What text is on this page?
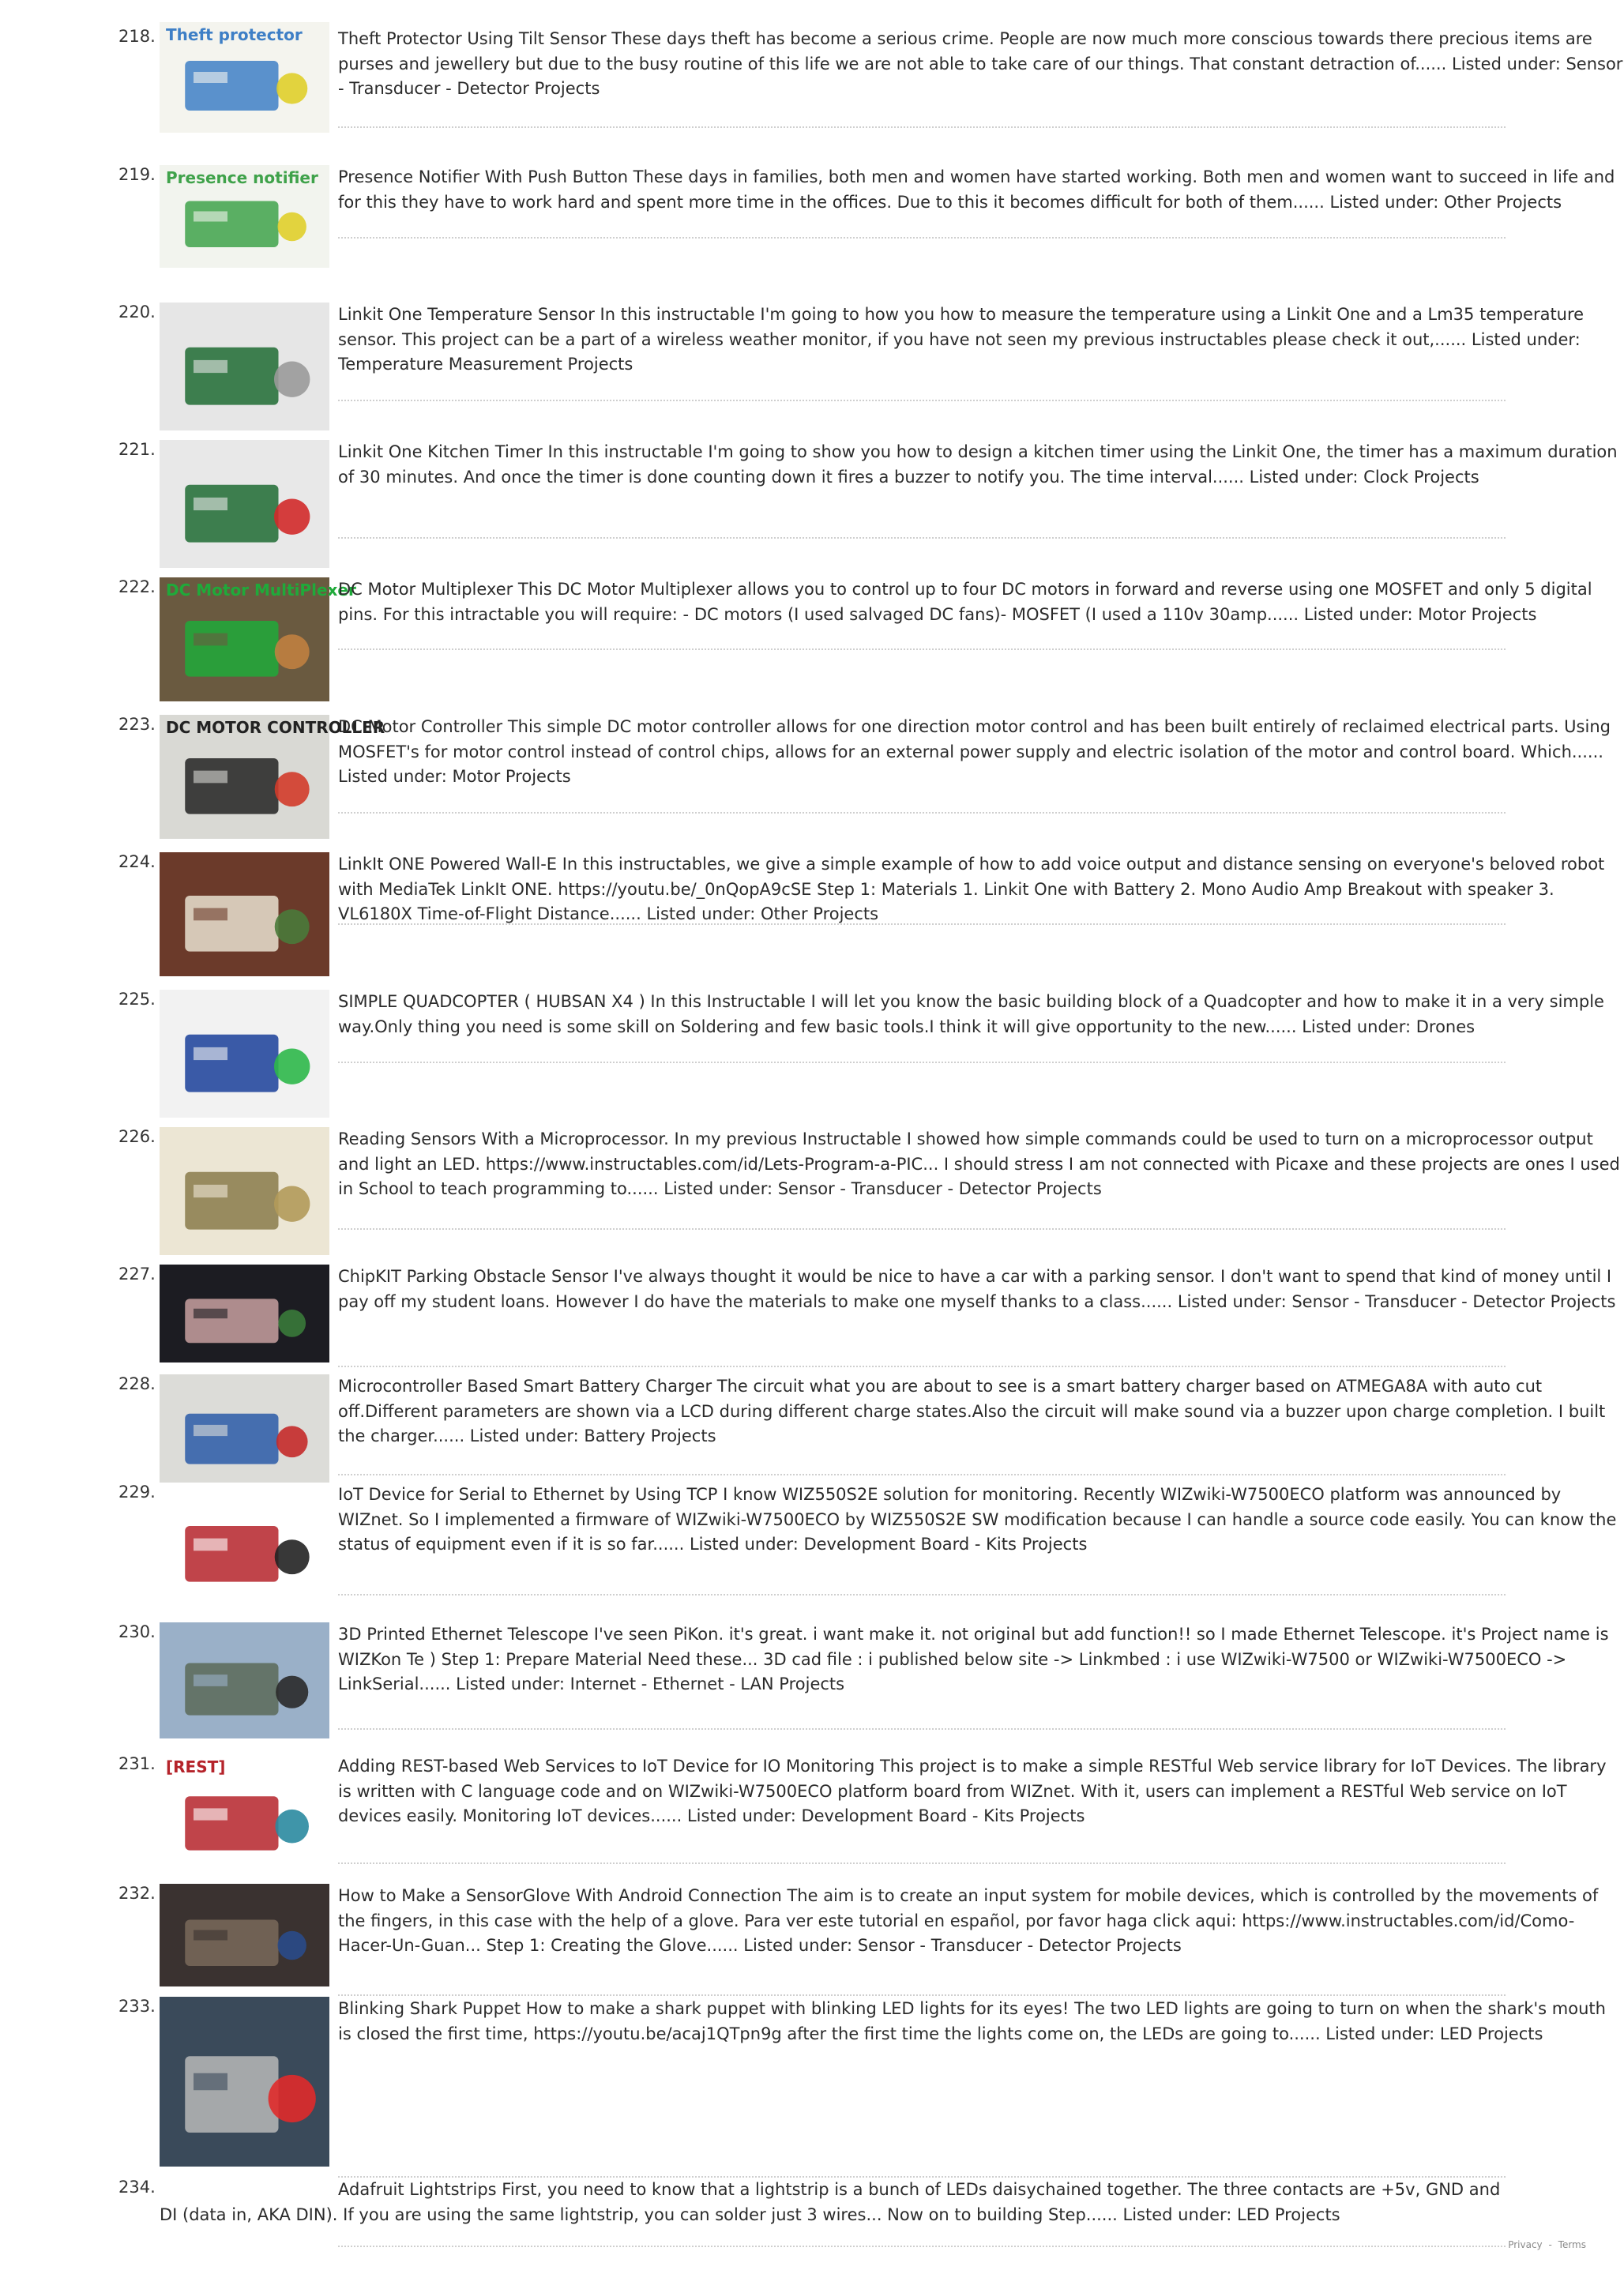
218. Theft protector	Theft Protector Using Tilt Sensor These days theft has become a serious crime. People are now much more conscious towards there precious items are purses and jewellery but due to the busy routine of this life we are not able to take care of our things. That constant detraction of...... Listed under: Sensor - Transducer - Detector Projects
219. Presence notifier Presence Notifier With Push Button These days in families, both men and women have started working. Both men and women want to succeed in life and for this they have to work hard and spent more time in the offices. Due to this it becomes difficult for both of them...... Listed under: Other Projects
220.	Linkit One Temperature Sensor In this instructable I'm going to how you how to measure the temperature using a Linkit One and a Lm35 temperature sensor. This project can be a part of a wireless weather monitor, if you have not seen my previous instructables please check it out,...... Listed under: Temperature Measurement Projects
221.	Linkit One Kitchen Timer In this instructable I'm going to show you how to design a kitchen timer using the Linkit One, the timer has a maximum duration of 30 minutes. And once the timer is done counting down it fires a buzzer to notify you. The time interval...... Listed under: Clock Projects
222. DC Motor MultiPlexer
DC Motor Multiplexer This DC Motor Multiplexer allows you to control up to four DC motors in forward and reverse using one MOSFET and only 5 digital pins. For this intractable you will require: - DC motors (I used salvaged DC fans)- MOSFET (I used a 110v 30amp...... Listed under: Motor Projects
223. DC MOTOR CONTROLLER
DC Motor Controller This simple DC motor controller allows for one direction motor control and has been built entirely of reclaimed electrical parts. Using MOSFET's for motor control instead of control chips, allows for an external power supply and electric isolation of the motor and control board. Which...... Listed under: Motor Projects
224.	LinkIt ONE Powered Wall-E In this instructables, we give a simple example of how to add voice output and distance sensing on everyone's beloved robot with MediaTek LinkIt ONE. https://youtu.be/_0nQopA9cSE Step 1: Materials 1. Linkit One with Battery 2. Mono Audio Amp Breakout with speaker 3. VL6180X Time-of-Flight Distance...... Listed under: Other Projects
225.	SIMPLE QUADCOPTER ( HUBSAN X4 ) In this Instructable I will let you know the basic building block of a Quadcopter and how to make it in a very simple way.Only thing you need is some skill on Soldering and few basic tools.I think it will give opportunity to the new...... Listed under: Drones
226.	Reading Sensors With a Microprocessor. In my previous Instructable I showed how simple commands could be used to turn on a microprocessor output and light an LED. https://www.instructables.com/id/Lets-Program-a-PIC... I should stress I am not connected with Picaxe and these projects are ones I used in School to teach programming to...... Listed under: Sensor - Transducer - Detector Projects
227.	ChipKIT Parking Obstacle Sensor I've always thought it would be nice to have a car with a parking sensor. I don't want to spend that kind of money until I pay off my student loans. However I do have the materials to make one myself thanks to a class...... Listed under: Sensor - Transducer - Detector Projects
228.	Microcontroller Based Smart Battery Charger The circuit what you are about to see is a smart battery charger based on ATMEGA8A with auto cut off.Different parameters are shown via a LCD during different charge states.Also the circuit will make sound via a buzzer upon charge completion. I built the charger...... Listed under: Battery Projects
229.	IoT Device for Serial to Ethernet by Using TCP I know WIZ550S2E solution for monitoring. Recently WIZwiki-W7500ECO platform was announced by WIZnet. So I implemented a firmware of WIZwiki-W7500ECO by WIZ550S2E SW modification because I can handle a source code easily. You can know the status of equipment even if it is so far...... Listed under: Development Board - Kits Projects
230.	3D Printed Ethernet Telescope I've seen PiKon. it's great. i want make it. not original but add function!! so I made Ethernet Telescope. it's Project name is WIZKon Te ) Step 1: Prepare Material Need these... 3D cad file : i published below site -> Linkmbed : i use WIZwiki-W7500 or WIZwiki-W7500ECO -> LinkSerial...... Listed under: Internet - Ethernet - LAN Projects
231. [REST]	Adding REST-based Web Services to IoT Device for IO Monitoring This project is to make a simple RESTful Web service library for IoT Devices. The library is written with C language code and on WIZwiki-W7500ECO platform board from WIZnet. With it, users can implement a RESTful Web service on IoT devices easily. Monitoring IoT devices...... Listed under: Development Board - Kits Projects
232.	How to Make a SensorGlove With Android Connection The aim is to create an input system for mobile devices, which is controlled by the movements of the fingers, in this case with the help of a glove. Para ver este tutorial en español, por favor haga click aqui: https://www.instructables.com/id/Como-Hacer-Un-Guan... Step 1: Creating the Glove...... Listed under: Sensor - Transducer - Detector Projects
233.	Blinking Shark Puppet How to make a shark puppet with blinking LED lights for its eyes! The two LED lights are going to turn on when the shark's mouth is closed the first time, https://youtu.be/acaj1QTpn9g after the first time the lights come on, the LEDs are going to...... Listed under: LED Projects
234.	Adafruit Lightstrips First, you need to know that a lightstrip is a bunch of LEDs daisychained together. The three contacts are +5v, GND and DI (data in, AKA DIN). If you are using the same lightstrip, you can solder just 3 wires... Now on to building Step...... Listed under: LED Projects
Privacy - Terms
